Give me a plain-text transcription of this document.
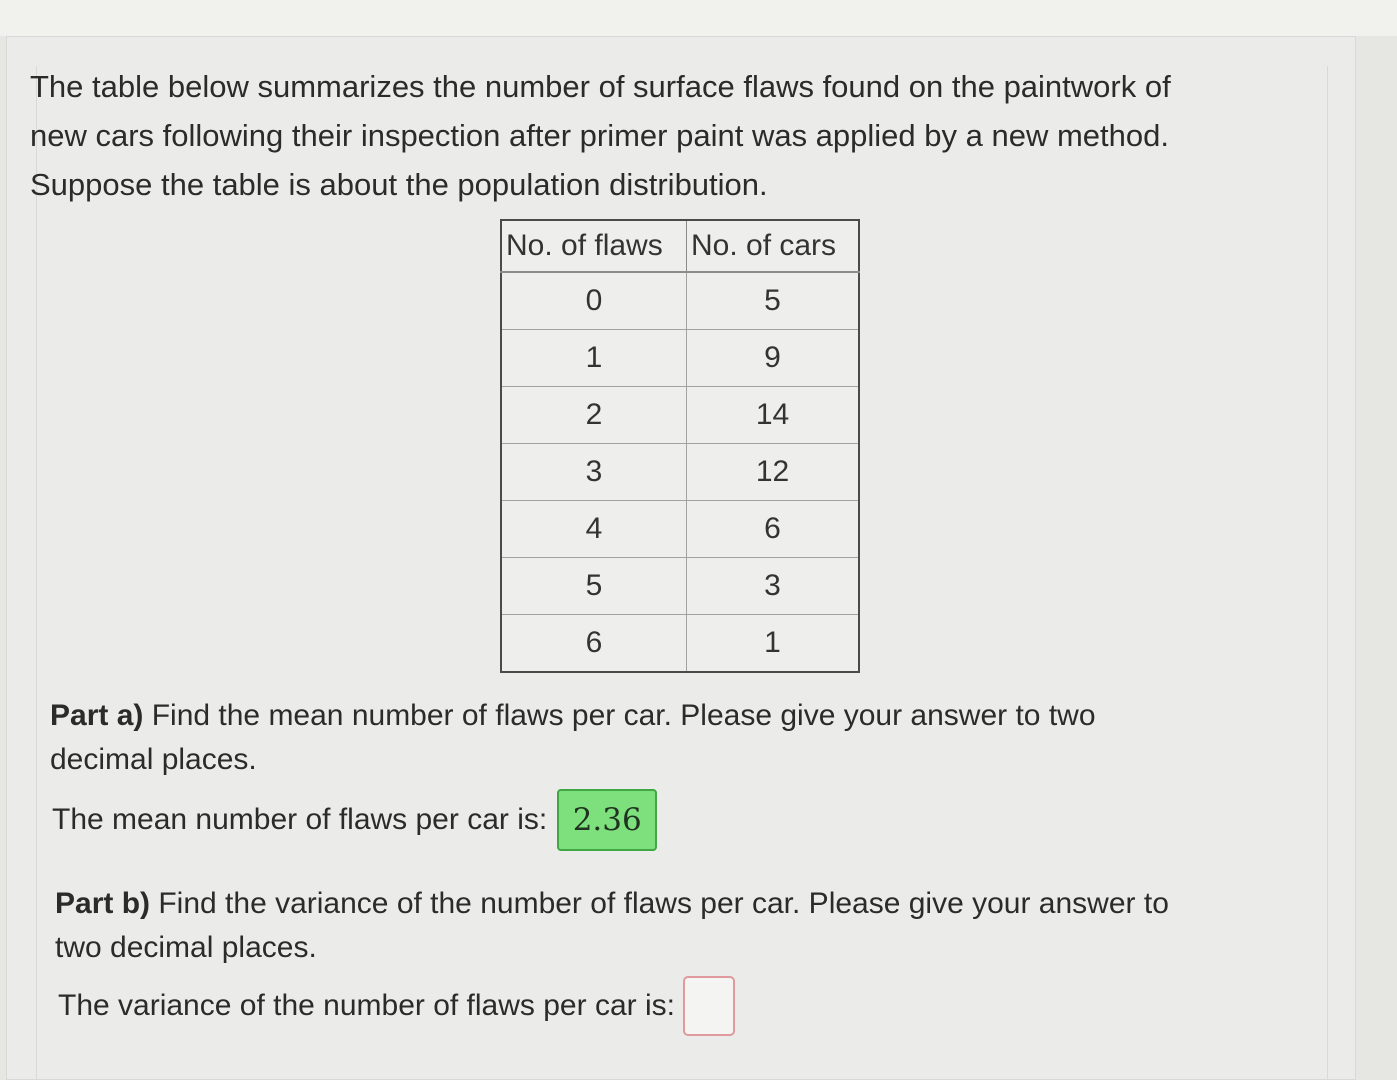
The table below summarizes the number of surface flaws found on the paintwork of
new cars following their inspection after primer paint was applied by a new method.
Suppose the table is about the population distribution.

No. of flaws	No. of cars
0	5
1	9
2	14
3	12
4	6
5	3
6	1

Part a) Find the mean number of flaws per car. Please give your answer to two
decimal places.

The mean number of flaws per car is: 2.36

Part b) Find the variance of the number of flaws per car. Please give your answer to
two decimal places.

The variance of the number of flaws per car is:
